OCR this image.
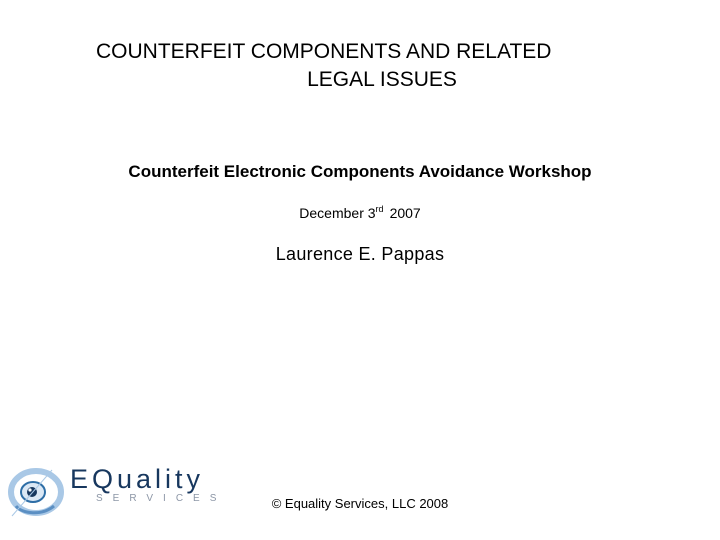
COUNTERFEIT COMPONENTS AND RELATED
LEGAL ISSUES
Counterfeit Electronic Components Avoidance Workshop
December 3rd 2007
Laurence E. Pappas
EQuality
SERVICES	© Equality Services, LLC 2008
